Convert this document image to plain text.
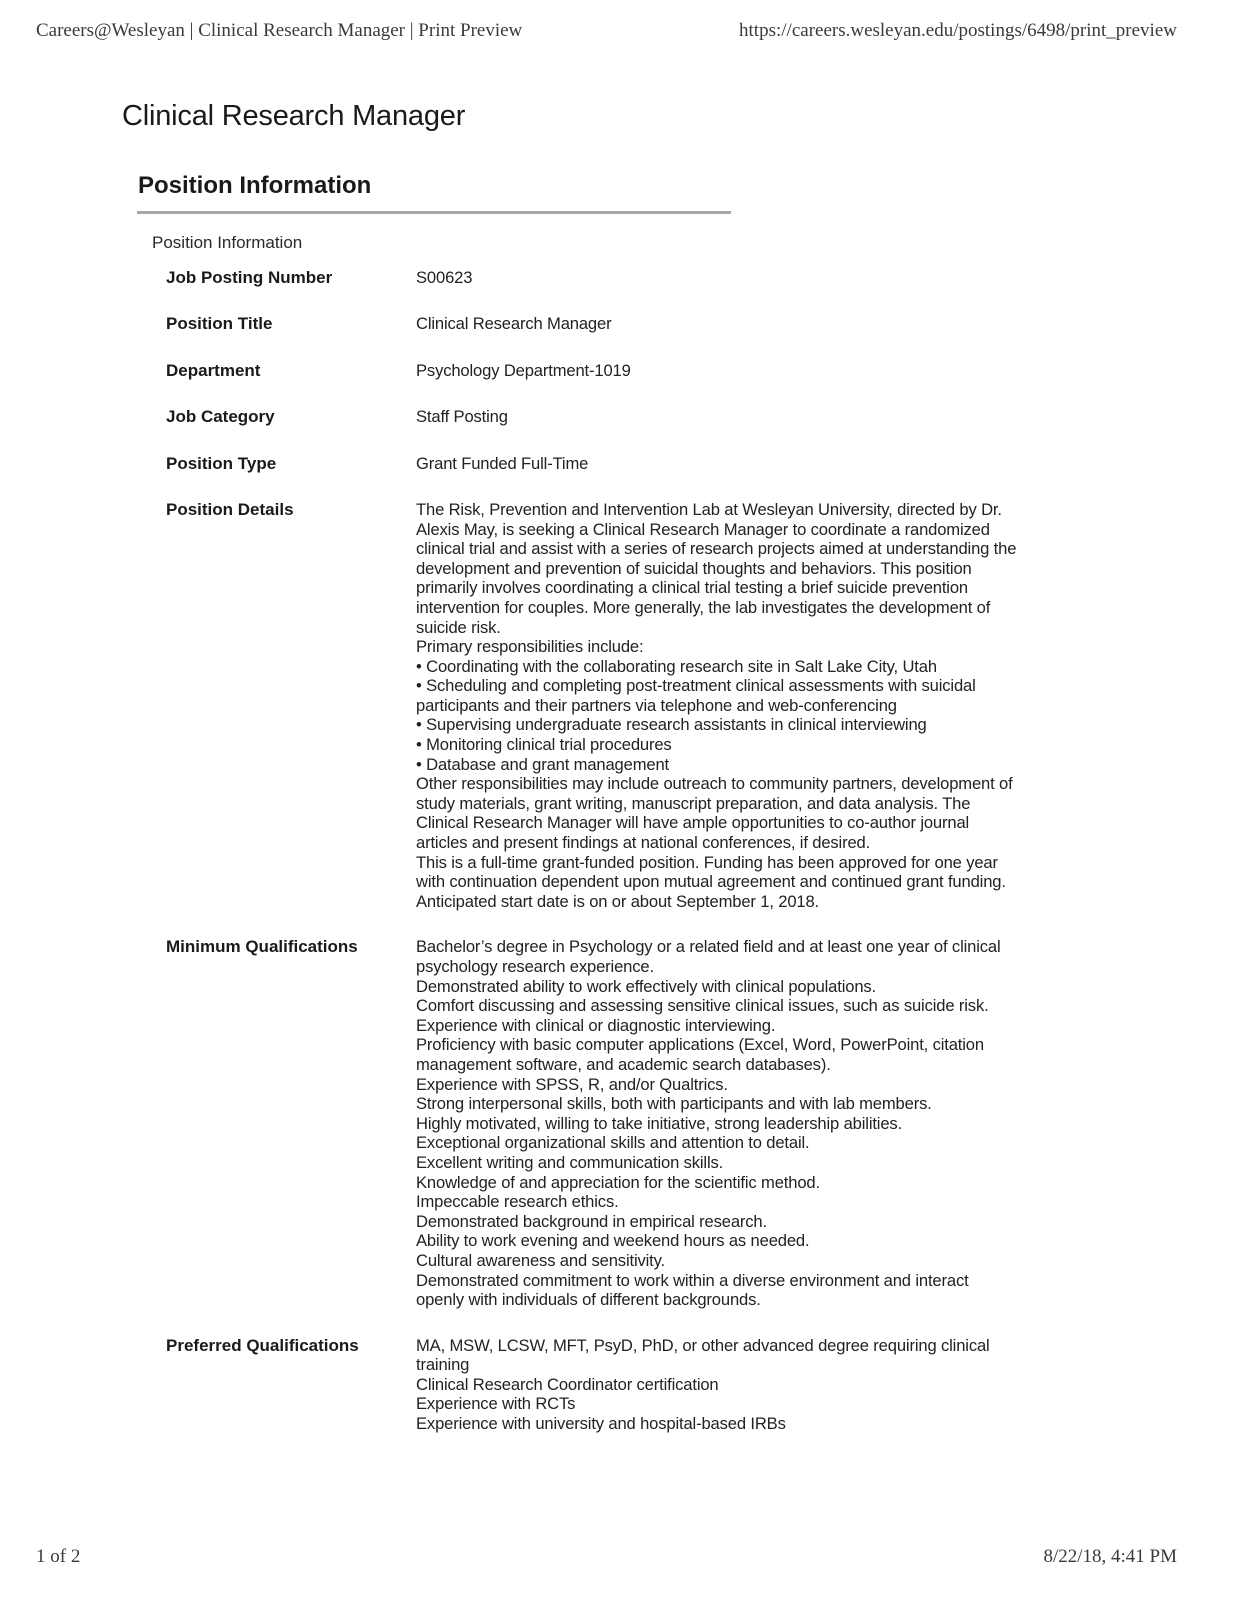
Careers@Wesleyan | Clinical Research Manager | Print Preview	https://careers.wesleyan.edu/postings/6498/print_preview
Clinical Research Manager
Position Information
Position Information
Job Posting Number	S00623
Position Title	Clinical Research Manager
Department	Psychology Department-1019
Job Category	Staff Posting
Position Type	Grant Funded Full-Time
Position Details	The Risk, Prevention and Intervention Lab at Wesleyan University, directed by Dr.
Alexis May, is seeking a Clinical Research Manager to coordinate a randomized
clinical trial and assist with a series of research projects aimed at understanding the
development and prevention of suicidal thoughts and behaviors. This position
primarily involves coordinating a clinical trial testing a brief suicide prevention
intervention for couples. More generally, the lab investigates the development of
suicide risk.
Primary responsibilities include:
• Coordinating with the collaborating research site in Salt Lake City, Utah
• Scheduling and completing post-treatment clinical assessments with suicidal
participants and their partners via telephone and web-conferencing
• Supervising undergraduate research assistants in clinical interviewing
• Monitoring clinical trial procedures
• Database and grant management
Other responsibilities may include outreach to community partners, development of
study materials, grant writing, manuscript preparation, and data analysis. The
Clinical Research Manager will have ample opportunities to co-author journal
articles and present findings at national conferences, if desired.
This is a full-time grant-funded position. Funding has been approved for one year
with continuation dependent upon mutual agreement and continued grant funding.
Anticipated start date is on or about September 1, 2018.
Minimum Qualifications	Bachelor’s degree in Psychology or a related field and at least one year of clinical
psychology research experience.
Demonstrated ability to work effectively with clinical populations.
Comfort discussing and assessing sensitive clinical issues, such as suicide risk.
Experience with clinical or diagnostic interviewing.
Proficiency with basic computer applications (Excel, Word, PowerPoint, citation
management software, and academic search databases).
Experience with SPSS, R, and/or Qualtrics.
Strong interpersonal skills, both with participants and with lab members.
Highly motivated, willing to take initiative, strong leadership abilities.
Exceptional organizational skills and attention to detail.
Excellent writing and communication skills.
Knowledge of and appreciation for the scientific method.
Impeccable research ethics.
Demonstrated background in empirical research.
Ability to work evening and weekend hours as needed.
Cultural awareness and sensitivity.
Demonstrated commitment to work within a diverse environment and interact
openly with individuals of different backgrounds.
Preferred Qualifications	MA, MSW, LCSW, MFT, PsyD, PhD, or other advanced degree requiring clinical
training
Clinical Research Coordinator certification
Experience with RCTs
Experience with university and hospital-based IRBs
1 of 2	8/22/18, 4:41 PM
